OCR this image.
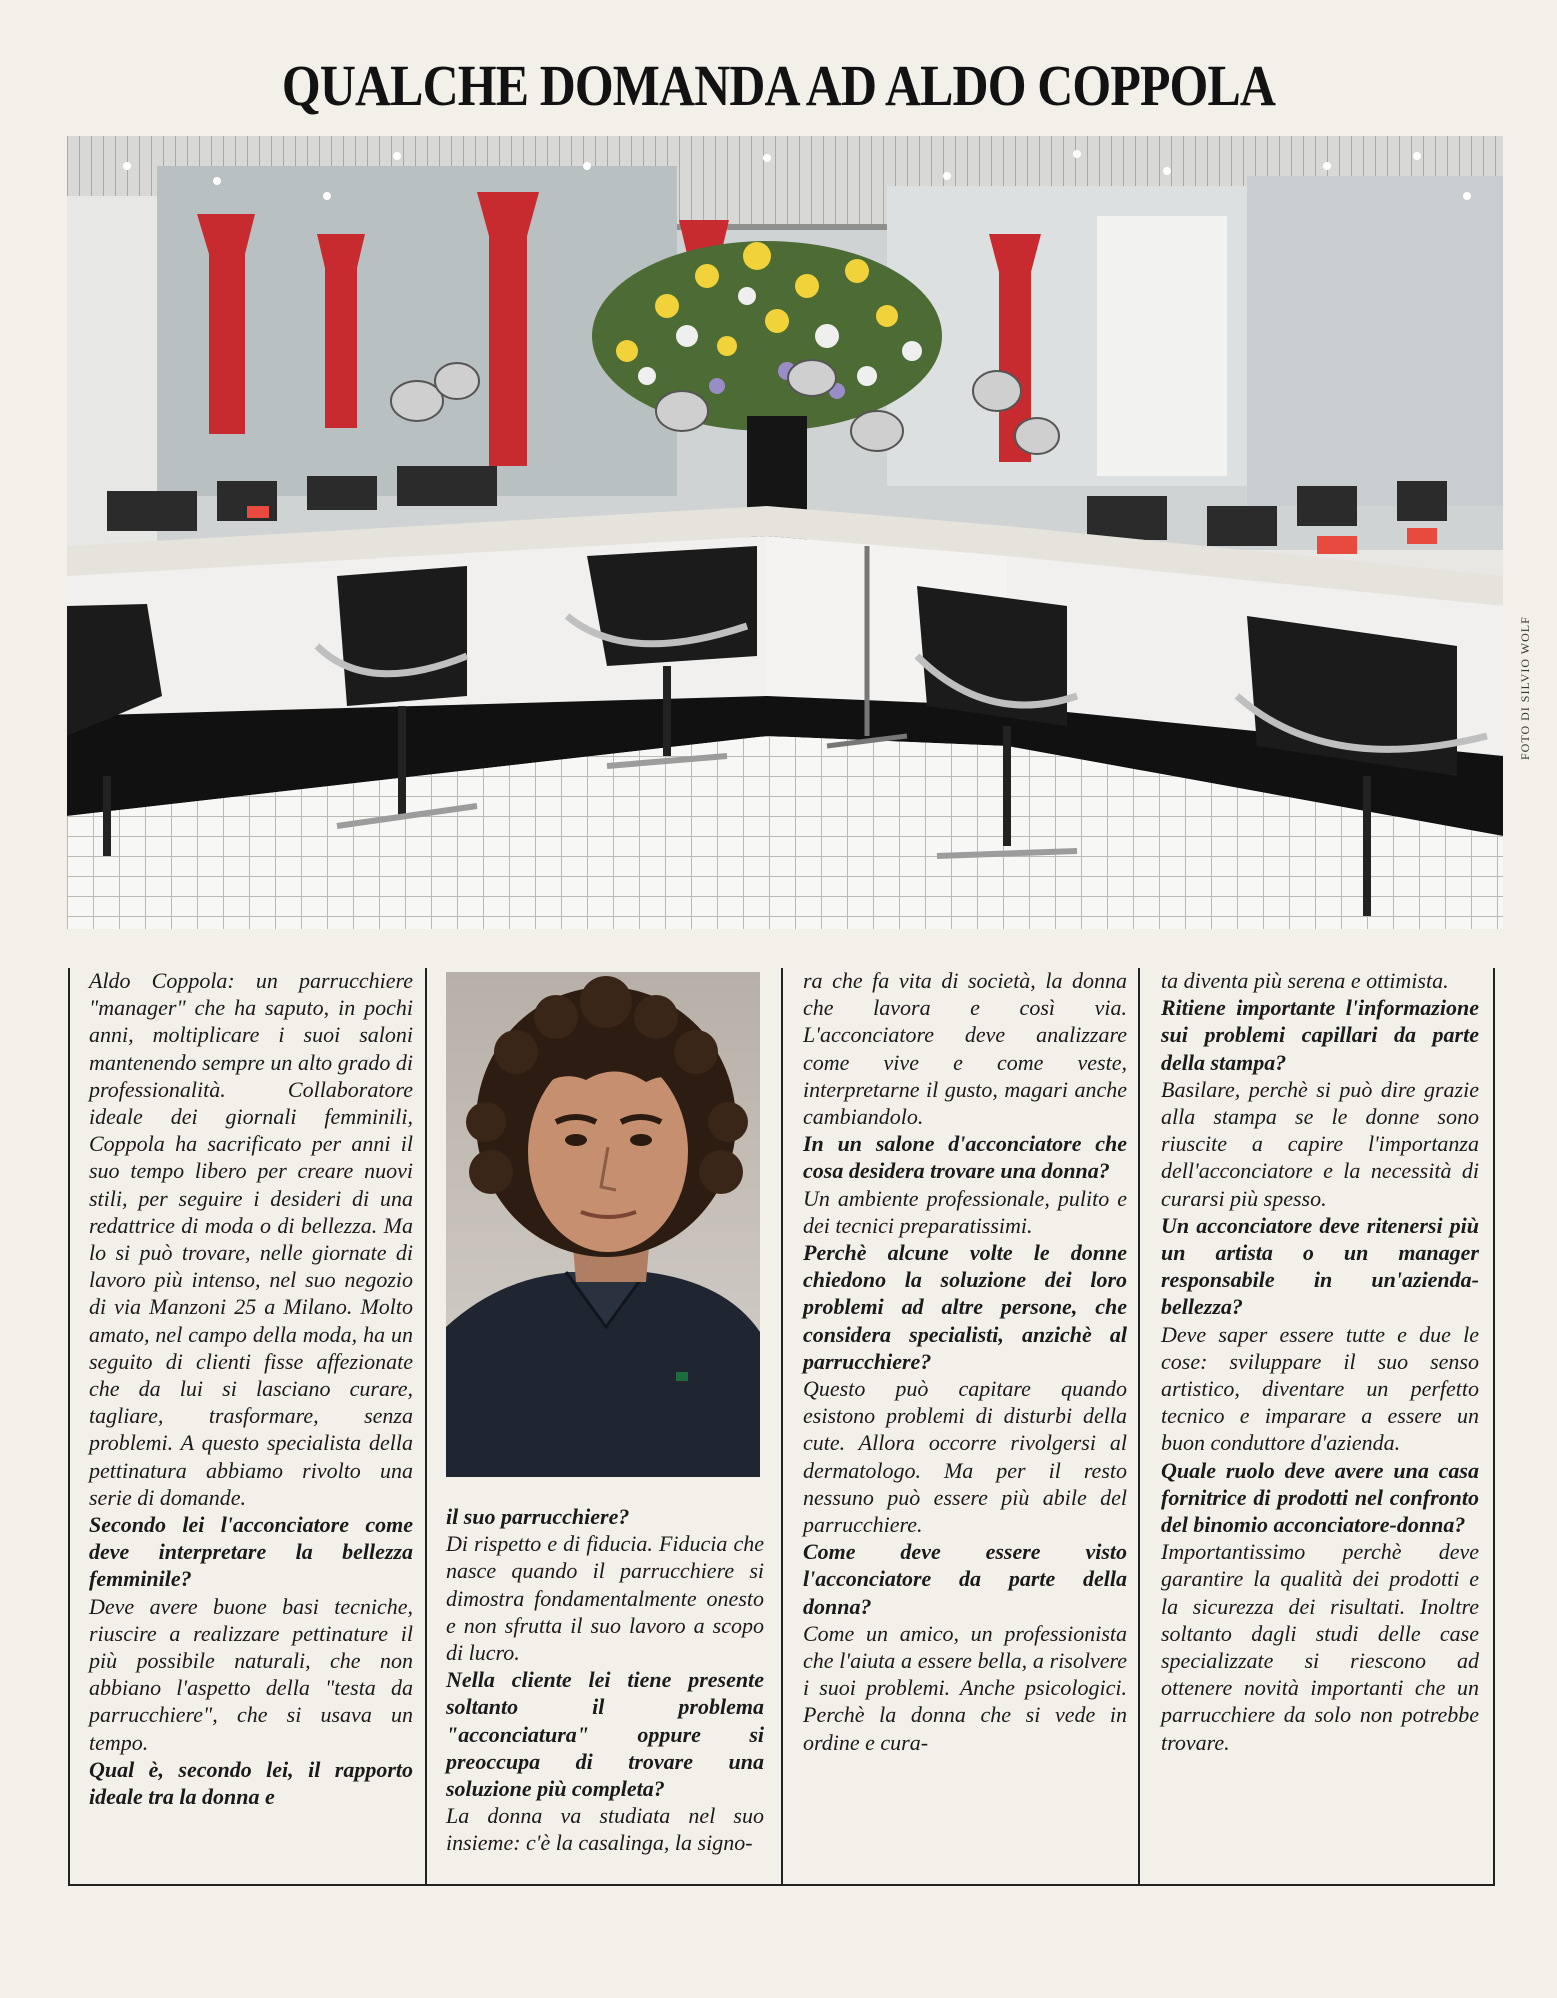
QUALCHE DOMANDA AD ALDO COPPOLA
FOTO DI SILVIO WOLF

Aldo Coppola: un parrucchiere "manager" che ha saputo, in pochi anni, moltiplicare i suoi saloni mantenendo sempre un alto grado di professionalità. Collaboratore ideale dei giornali femminili, Coppola ha sacrificato per anni il suo tempo libero per creare nuovi stili, per seguire i desideri di una redattrice di moda o di bellezza. Ma lo si può trovare, nelle giornate di lavoro più intenso, nel suo negozio di via Manzoni 25 a Milano. Molto amato, nel campo della moda, ha un seguito di clienti fisse affezionate che da lui si lasciano curare, tagliare, trasformare, senza problemi. A questo specialista della pettinatura abbiamo rivolto una serie di domande.

Secondo lei l'acconciatore come deve interpretare la bellezza femminile?

Deve avere buone basi tecniche, riuscire a realizzare pettinature il più possibile naturali, che non abbiano l'aspetto della "testa da parrucchiere", che si usava un tempo.

Qual è, secondo lei, il rapporto ideale tra la donna e
il suo parrucchiere?

Di rispetto e di fiducia. Fiducia che nasce quando il parrucchiere si dimostra fondamentalmente onesto e non sfrutta il suo lavoro a scopo di lucro.

Nella cliente lei tiene presente soltanto il problema "acconciatura" oppure si preoccupa di trovare una soluzione più completa?

La donna va studiata nel suo insieme: c'è la casalinga, la signo-

ra che fa vita di società, la donna che lavora e così via. L'acconciatore deve analizzare come vive e come veste, interpretarne il gusto, magari anche cambiandolo.

In un salone d'acconciatore che cosa desidera trovare una donna?

Un ambiente professionale, pulito e dei tecnici preparatissimi.

Perchè alcune volte le donne chiedono la soluzione dei loro problemi ad altre persone, che considera specialisti, anzichè al parrucchiere?

Questo può capitare quando esistono problemi di disturbi della cute. Allora occorre rivolgersi al dermatologo. Ma per il resto nessuno può essere più abile del parrucchiere.

Come deve essere visto l'acconciatore da parte della donna?

Come un amico, un professionista che l'aiuta a essere bella, a risolvere i suoi problemi. Anche psicologici. Perchè la donna che si vede in ordine e cura-

ta diventa più serena e ottimista.

Ritiene importante l'informazione sui problemi capillari da parte della stampa?

Basilare, perchè si può dire grazie alla stampa se le donne sono riuscite a capire l'importanza dell'acconciatore e la necessità di curarsi più spesso.

Un acconciatore deve ritenersi più un artista o un manager responsabile in un'azienda-bellezza?

Deve saper essere tutte e due le cose: sviluppare il suo senso artistico, diventare un perfetto tecnico e imparare a essere un buon conduttore d'azienda.

Quale ruolo deve avere una casa fornitrice di prodotti nel confronto del binomio acconciatore-donna?

Importantissimo perchè deve garantire la qualità dei prodotti e la sicurezza dei risultati. Inoltre soltanto dagli studi delle case specializzate si riescono ad ottenere novità importanti che un parrucchiere da solo non potrebbe trovare.
